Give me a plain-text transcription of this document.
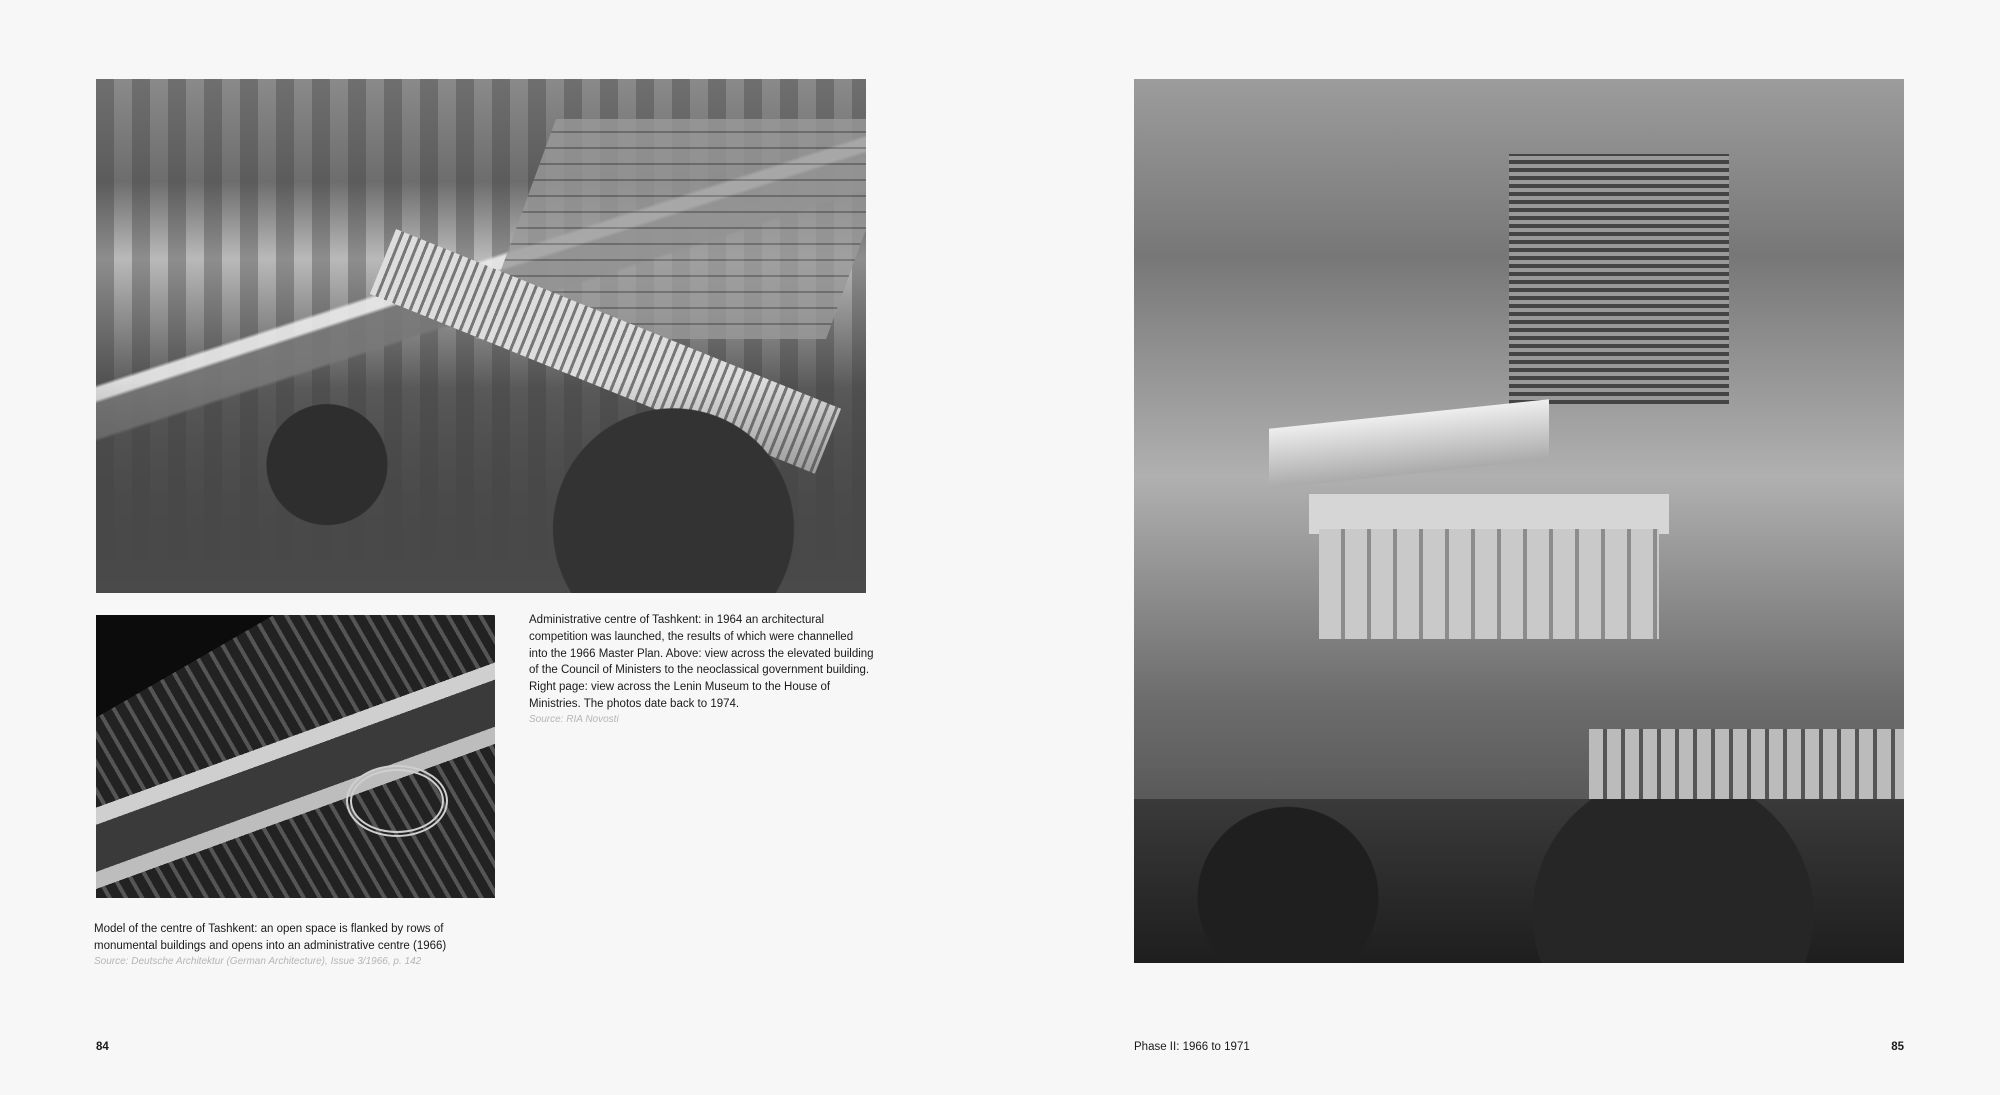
Administrative centre of Tashkent: in 1964 an architectural competition was launched, the results of which were channelled into the 1966 Master Plan. Above: view across the elevated building of the Council of Ministers to the neoclassical government building. Right page: view across the Lenin Museum to the House of Ministries. The photos date back to 1974.
Source: RIA Novosti
Model of the centre of Tashkent: an open space is flanked by rows of monumental buildings and opens into an administrative centre (1966)
Source: Deutsche Architektur (German Architecture), Issue 3/1966, p. 142
84	Phase II: 1966 to 1971	85
